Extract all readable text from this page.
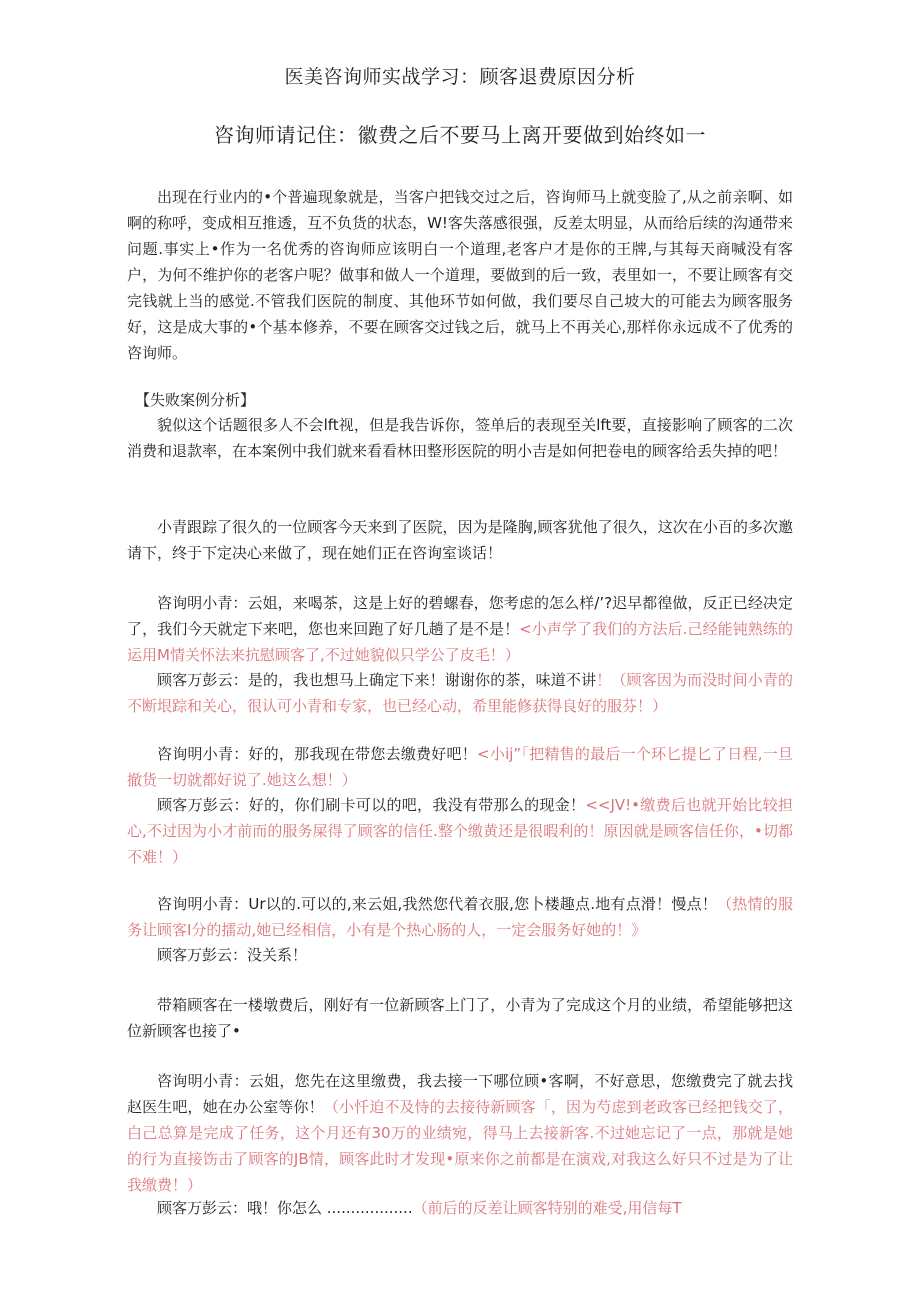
医美咨询师实战学习：顾客退费原因分析
咨询师请记住：徽费之后不要马上离开要做到始终如一

出现在行业内的•个普遍现象就是，当客户把钱交过之后，咨询师马上就变脸了,从之前亲啊、如啊的称呼，变成相互推透，互不负货的状态，W!客失落感很强，反差太明显，从而给后续的沟通带来问题.事实上•作为一名优秀的咨询师应该明白一个道理,老客户才是你的王牌,与其每天商喊没有客户，为何不维护你的老客户呢？做事和做人一个道理，要做到的后一致，表里如一，不要让顾客有交完钱就上当的感觉.不管我们医院的制度、其他环节如何做，我们要尽自己坡大的可能去为顾客服务好，这是成大事的•个基本修养，不要在顾客交过钱之后，就马上不再关心,那样你永远成不了优秀的咨询师。

【失败案例分析】

貌似这个话题很多人不会lft视，但是我告诉你，签单后的表现至关lft要，直接影响了顾客的二次消费和退款率，在本案例中我们就来看看林田整形医院的明小吉是如何把卷电的顾客给丢失掉的吧！

小青跟踪了很久的一位顾客今天来到了医院，因为是隆胸,顾客犹他了很久，这次在小百的多次邀请下，终于下定决心来做了，现在她们正在咨询室谈话！

咨询明小青：云姐，来喝茶，这是上好的碧螺春，您考虑的怎么样/’?迟早都徨做，反正已经决定了，我们今天就定下来吧，您也来回跑了好几趟了是不是！<小声学了我们的方法后.己经能钝熟练的运用M情关怀法来抗慰顾客了,不过她貌似只学公了皮毛！）

顾客万彭云：是的，我也想马上确定下来！谢谢你的茶，味道不讲！（顾客因为而没时间小青的不断垠踪和关心，很认可小青和专家，也已经心动，希里能修获得良好的服芬！）

咨询明小青：好的，那我现在带您去缴费好吧！<小ij”「把精售的最后一个环匕提匕了日程,一旦撤货一切就都好说了.她这么想！）

顾客万彭云：好的，你们刷卡可以的吧，我没有带那么的现金！<<JV!•缴费后也就开始比较担心,不过因为小才前而的服务屎得了顾客的信任.整个缴黄还是很暇利的！原因就是顾客信任你，•切都不难！）

咨询明小青：Ur以的.可以的,来云姐,我然您代着衣服,您卜楼趣点.地有点滑！慢点！（热情的服务让顾客I分的擂动,她已经相信，小有是个热心肠的人，一定会服务好她的！》

顾客万彭云：没关系！

带箱顾客在一楼墩费后，刚好有一位新顾客上门了，小青为了完成这个月的业绩，希望能够把这位新顾客也接了•

咨询明小青：云姐，您先在这里缴费，我去接一下哪位顾•客啊，不好意思，您缴费完了就去找赵医生吧，她在办公室等你！（小忏迫不及恃的去接待新顾客「，因为芍虑到老政客已经把钱交了，白己总算是完成了任务，这个月还有30万的业绩宛，得马上去接新客.不过她忘记了一点，那就是她的行为直接饬击了顾客的JB情，顾客此时才发现•原来你之前都是在演戏,对我这么好只不过是为了让我缴费！）

顾客万彭云：哦！你怎么 ..................（前后的反差让顾客特别的难受,用信每T
